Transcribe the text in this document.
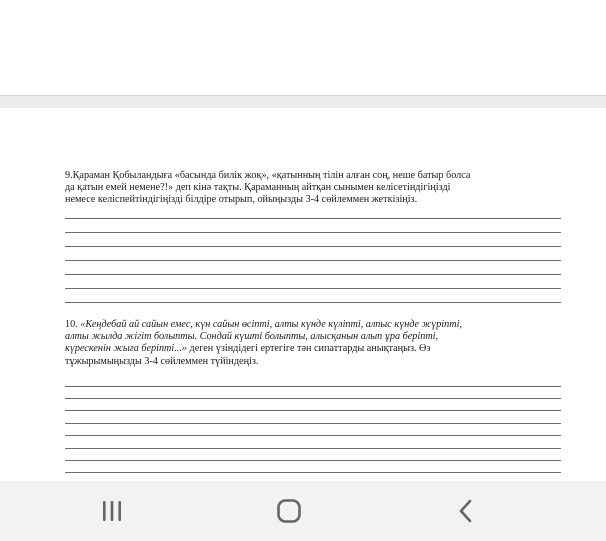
9.Қараман Қобыландыға «басында билік жоқ», «қатынның тілін алған соң, неше батыр болса

да қатын емей немене?!» деп кінә тақты. Қараманның айтқан сынымен келісетіндігіңізді

немесе келіспейтіндігіңізді білдіре отырып, ойыңызды 3-4 сөйлеммен жеткізіңіз.

10. «Кеңдебай ай сайын емес, күн сайын өсіпті, алты күнде күліпті, алпыс күнде жүріпті,

алты жылда жігіт болыпты. Сондай күшті болыпты, алысқанын алып ұра беріпті,

күрескенін жыға беріпті...» деген үзіндідегі ертегіге тән сипаттарды анықтаңыз. Өз

тұжырымыңызды 3-4 сөйлеммен түйіндеңіз.
